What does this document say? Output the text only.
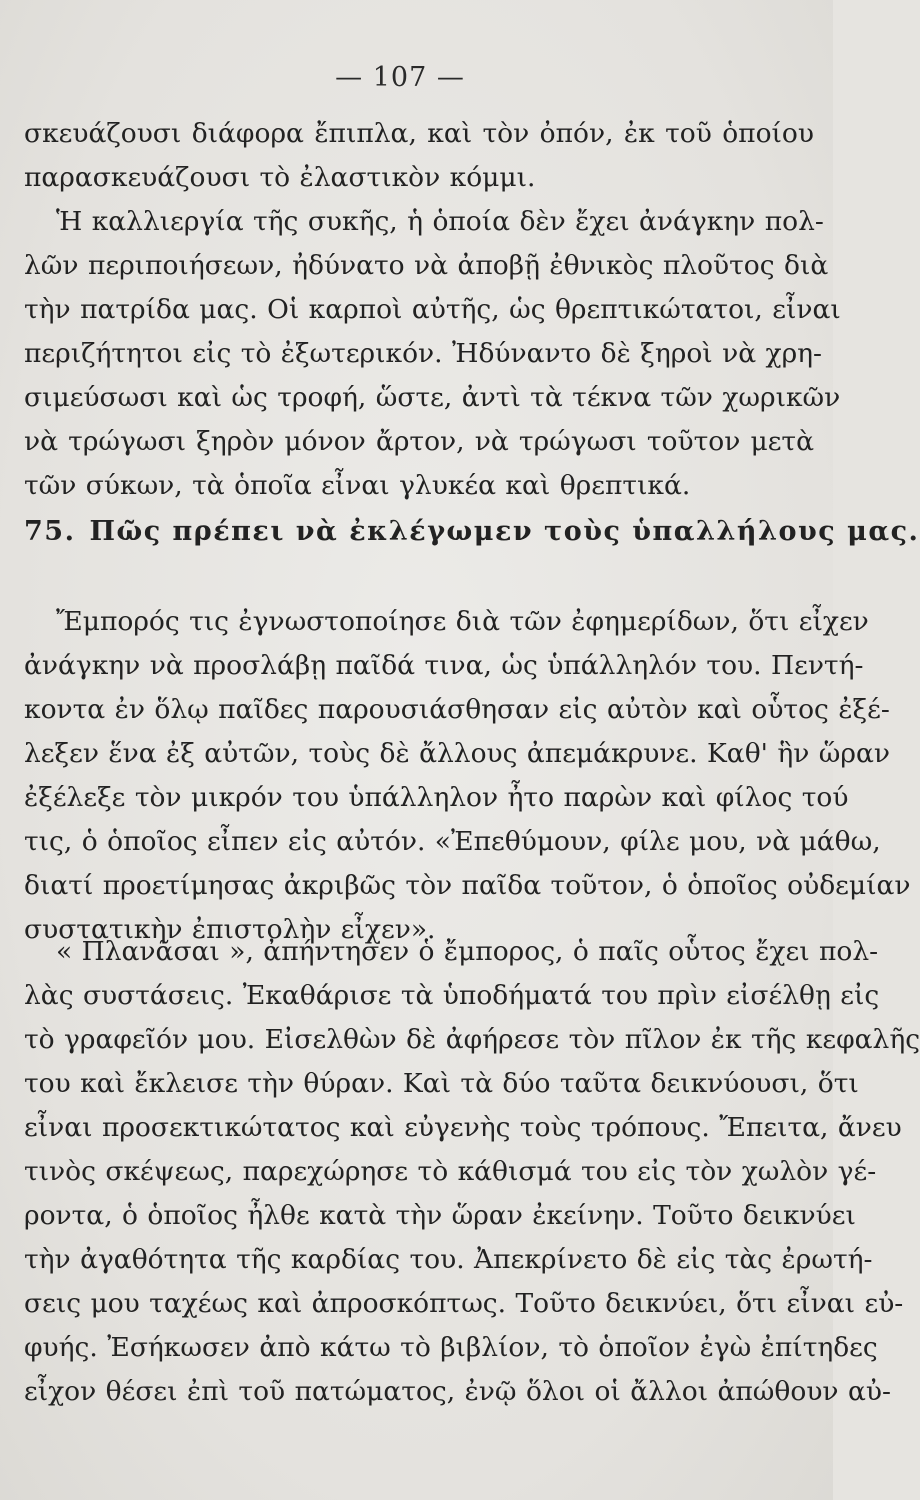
— 107 —
σκευάζουσι διάφορα ἔπιπλα, καὶ τὸν ὀπόν, ἐκ τοῦ ὁποίου
παρασκευάζουσι τὸ ἐλαστικὸν κόμμι.
Ἡ καλλιεργία τῆς συκῆς, ἡ ὁποία δὲν ἔχει ἀνάγκην πολ-
λῶν περιποιήσεων, ἠδύνατο νὰ ἀποβῇ ἐθνικὸς πλοῦτος διὰ
τὴν πατρίδα μας. Οἱ καρποὶ αὐτῆς, ὡς θρεπτικώτατοι, εἶναι
περιζήτητοι εἰς τὸ ἐξωτερικόν. Ἠδύναντο δὲ ξηροὶ νὰ χρη-
σιμεύσωσι καὶ ὡς τροφή, ὥστε, ἀντὶ τὰ τέκνα τῶν χωρικῶν
νὰ τρώγωσι ξηρὸν μόνον ἄρτον, νὰ τρώγωσι τοῦτον μετὰ
τῶν σύκων, τὰ ὁποῖα εἶναι γλυκέα καὶ θρεπτικά.
75. Πῶς πρέπει νὰ ἐκλέγωμεν τοὺς ὑπαλλήλους μας.
Ἔμπορός τις ἐγνωστοποίησε διὰ τῶν ἐφημερίδων, ὅτι εἶχεν
ἀνάγκην νὰ προσλάβῃ παῖδά τινα, ὡς ὑπάλληλόν του. Πεντή-
κοντα ἐν ὅλῳ παῖδες παρουσιάσθησαν εἰς αὐτὸν καὶ οὗτος ἐξέ-
λεξεν ἕνα ἐξ αὐτῶν, τοὺς δὲ ἄλλους ἀπεμάκρυνε. Καθ' ἣν ὥραν
ἐξέλεξε τὸν μικρόν του ὑπάλληλον ἦτο παρὼν καὶ φίλος τού
τις, ὁ ὁποῖος εἶπεν εἰς αὐτόν. «Ἐπεθύμουν, φίλε μου, νὰ μάθω,
διατί προετίμησας ἀκριβῶς τὸν παῖδα τοῦτον, ὁ ὁποῖος οὐδεμίαν
συστατικὴν ἐπιστολὴν εἶχεν».
« Πλανᾶσαι », ἀπήντησεν ὁ ἔμπορος, ὁ παῖς οὗτος ἔχει πολ-
λὰς συστάσεις. Ἐκαθάρισε τὰ ὑποδήματά του πρὶν εἰσέλθῃ εἰς
τὸ γραφεῖόν μου. Εἰσελθὼν δὲ ἀφήρεσε τὸν πῖλον ἐκ τῆς κεφαλῆς
του καὶ ἔκλεισε τὴν θύραν. Καὶ τὰ δύο ταῦτα δεικνύουσι, ὅτι
εἶναι προσεκτικώτατος καὶ εὐγενὴς τοὺς τρόπους. Ἔπειτα, ἄνευ
τινὸς σκέψεως, παρεχώρησε τὸ κάθισμά του εἰς τὸν χωλὸν γέ-
ροντα, ὁ ὁποῖος ἦλθε κατὰ τὴν ὥραν ἐκείνην. Τοῦτο δεικνύει
τὴν ἀγαθότητα τῆς καρδίας του. Ἀπεκρίνετο δὲ εἰς τὰς ἐρωτή-
σεις μου ταχέως καὶ ἀπροσκόπτως. Τοῦτο δεικνύει, ὅτι εἶναι εὐ-
φυής. Ἐσήκωσεν ἀπὸ κάτω τὸ βιβλίον, τὸ ὁποῖον ἐγὼ ἐπίτηδες
εἶχον θέσει ἐπὶ τοῦ πατώματος, ἐνῷ ὅλοι οἱ ἄλλοι ἀπώθουν αὐ-
